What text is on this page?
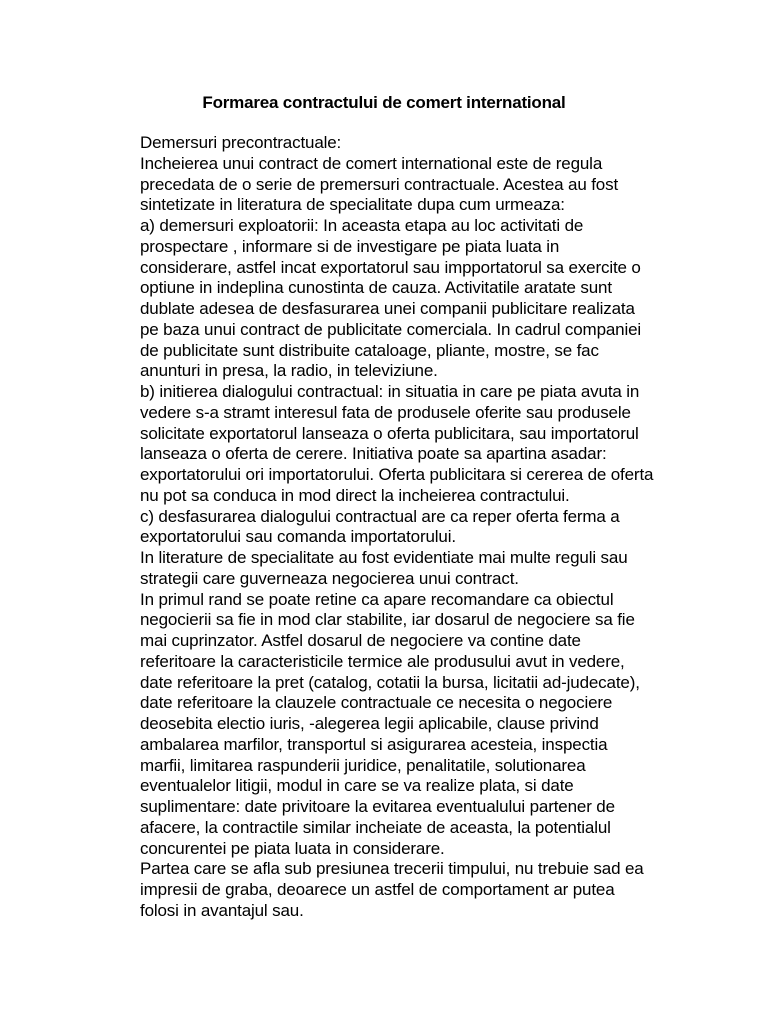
Formarea contractului de comert international
Demersuri precontractuale:
Incheierea unui contract de comert international este de regula
precedata de o serie de premersuri contractuale. Acestea au fost
sintetizate in literatura de specialitate dupa cum urmeaza:
a) demersuri exploatorii: In aceasta etapa au loc activitati de
prospectare , informare si de investigare pe piata luata in
considerare, astfel incat exportatorul sau impportatorul sa exercite o
optiune in indeplina cunostinta de cauza. Activitatile aratate sunt
dublate adesea de desfasurarea unei companii publicitare realizata
pe baza unui contract de publicitate comerciala. In cadrul companiei
de publicitate sunt distribuite cataloage, pliante, mostre, se fac
anunturi in presa, la radio, in televiziune.
b) initierea dialogului contractual: in situatia in care pe piata avuta in
vedere s-a stramt interesul fata de produsele oferite sau produsele
solicitate exportatorul lanseaza o oferta publicitara, sau importatorul
lanseaza o oferta de cerere. Initiativa poate sa apartina asadar:
exportatorului ori importatorului. Oferta publicitara si cererea de oferta
nu pot sa conduca in mod direct la incheierea contractului.
c) desfasurarea dialogului contractual are ca reper oferta ferma a
exportatorului sau comanda importatorului.
In literature de specialitate au fost evidentiate mai multe reguli sau
strategii care guverneaza negocierea unui contract.
In primul rand se poate retine ca apare recomandare ca obiectul
negocierii sa fie in mod clar stabilite, iar dosarul de negociere sa fie
mai cuprinzator. Astfel dosarul de negociere va contine date
referitoare la caracteristicile termice ale produsului avut in vedere,
date referitoare la pret (catalog, cotatii la bursa, licitatii ad-judecate),
date referitoare la clauzele contractuale ce necesita o negociere
deosebita electio iuris, -alegerea legii aplicabile, clause privind
ambalarea marfilor, transportul si asigurarea acesteia, inspectia
marfii, limitarea raspunderii juridice, penalitatile, solutionarea
eventualelor litigii, modul in care se va realize plata, si date
suplimentare: date privitoare la evitarea eventualului partener de
afacere, la contractile similar incheiate de aceasta, la potentialul
concurentei pe piata luata in considerare.
Partea care se afla sub presiunea trecerii timpului, nu trebuie sad ea
impresii de graba, deoarece un astfel de comportament ar putea
folosi in avantajul sau.
